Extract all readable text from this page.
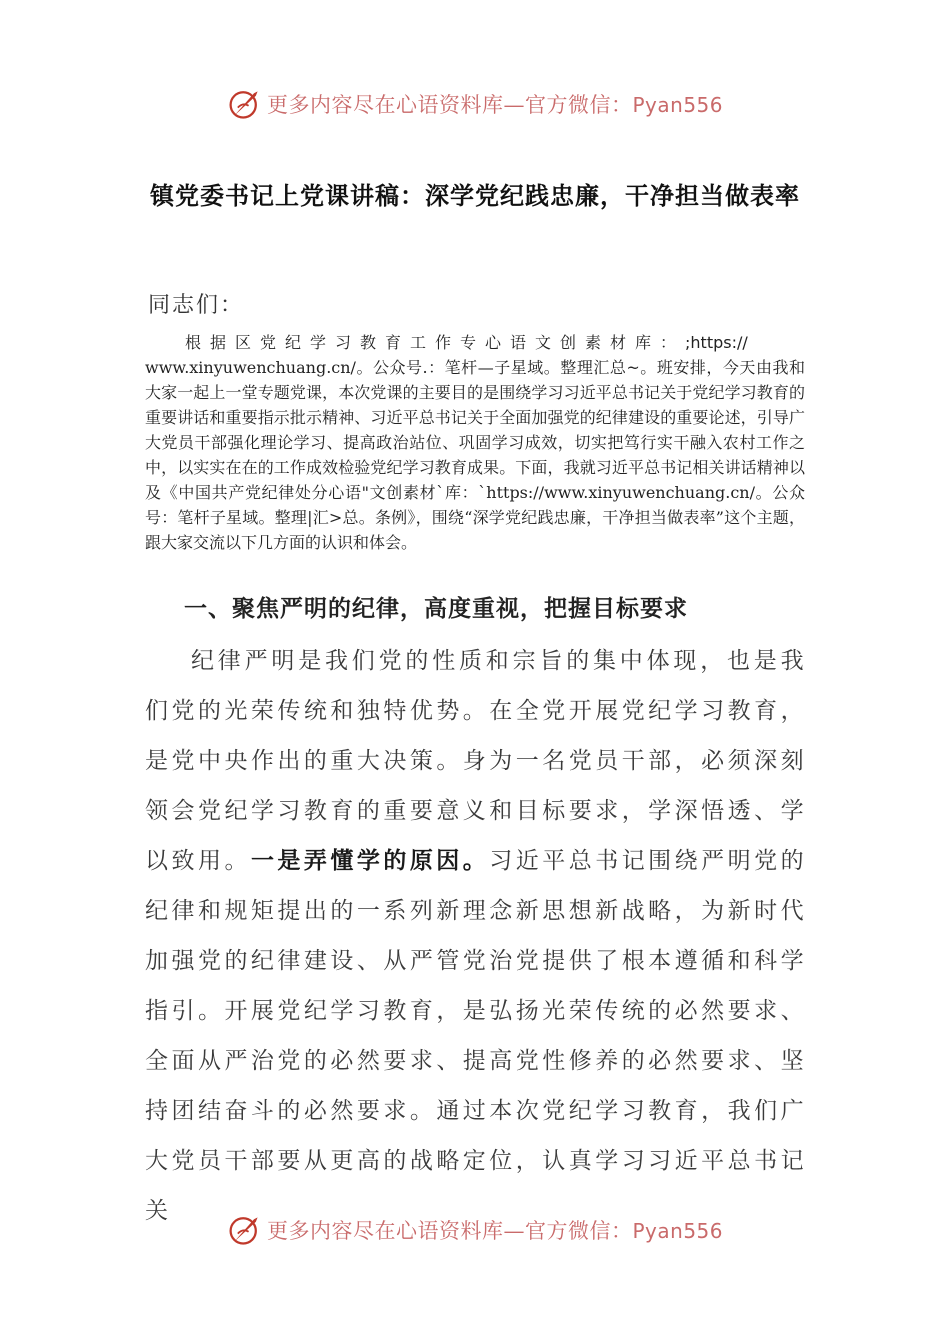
更多内容尽在心语资料库—官方微信：Pyan556
镇党委书记上党课讲稿：深学党纪践忠廉，干净担当做表率
同志们：
根据区党纪学习教育工作专心语文创素材库：;https://
www.xinyuwenchuang.cn/。公众号.：笔杆—子星域。整理汇总~。班安排，今天由我和大家一起上一堂专题党课，本次党课的主要目的是围绕学习习近平总书记关于党纪学习教育的重要讲话和重要指示批示精神、习近平总书记关于全面加强党的纪律建设的重要论述，引导广大党员干部强化理论学习、提高政治站位、巩固学习成效，切实把笃行实干融入农村工作之中，以实实在在的工作成效检验党纪学习教育成果。下面，我就习近平总书记相关讲话精神以及《中国共产党纪律处分心语"文创素材`库：`https://www.xinyuwenchuang.cn/。公众号：笔杆子星域。整理|汇>总。条例》，围绕“深学党纪践忠廉，干净担当做表率”这个主题，跟大家交流以下几方面的认识和体会。
一、聚焦严明的纪律，高度重视，把握目标要求
纪律严明是我们党的性质和宗旨的集中体现，也是我们党的光荣传统和独特优势。在全党开展党纪学习教育，是党中央作出的重大决策。身为一名党员干部，必须深刻领会党纪学习教育的重要意义和目标要求，学深悟透、学以致用。一是弄懂学的原因。习近平总书记围绕严明党的纪律和规矩提出的一系列新理念新思想新战略，为新时代加强党的纪律建设、从严管党治党提供了根本遵循和科学指引。开展党纪学习教育，是弘扬光荣传统的必然要求、全面从严治党的必然要求、提高党性修养的必然要求、坚持团结奋斗的必然要求。通过本次党纪学习教育，我们广大党员干部要从更高的战略定位，认真学习习近平总书记关
更多内容尽在心语资料库—官方微信：Pyan556
